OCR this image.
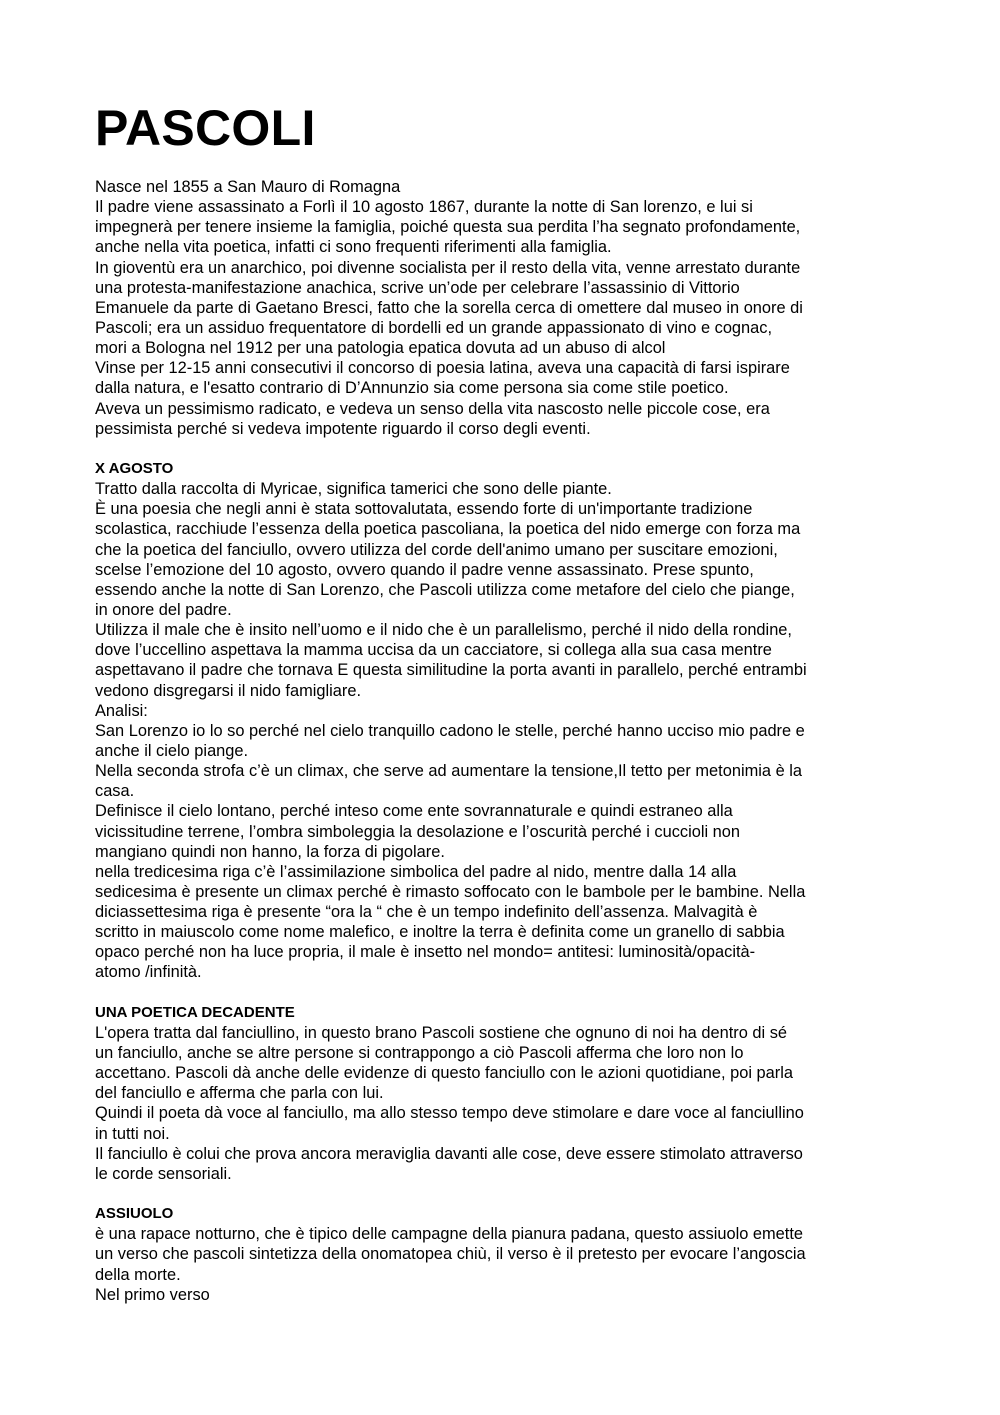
PASCOLI
Nasce nel 1855 a San Mauro di Romagna
Il padre viene assassinato a Forlì il 10 agosto 1867, durante la notte di San lorenzo, e lui si
impegnerà per tenere insieme la famiglia, poiché questa sua perdita l’ha segnato profondamente,
anche nella vita poetica, infatti ci sono frequenti riferimenti alla famiglia.
In gioventù era un anarchico, poi divenne socialista per il resto della vita, venne arrestato durante
una protesta-manifestazione anachica, scrive un’ode per celebrare l’assassinio di Vittorio
Emanuele da parte di Gaetano Bresci, fatto che la sorella cerca di omettere dal museo in onore di
Pascoli; era un assiduo frequentatore di bordelli ed un grande appassionato di vino e cognac,
mori a Bologna nel 1912 per una patologia epatica dovuta ad un abuso di alcol
Vinse per 12-15 anni consecutivi il concorso di poesia latina, aveva una capacità di farsi ispirare
dalla natura, e l'esatto contrario di D’Annunzio sia come persona sia come stile poetico.
Aveva un pessimismo radicato, e vedeva un senso della vita nascosto nelle piccole cose, era
pessimista perché si vedeva impotente riguardo il corso degli eventi.
X AGOSTO
Tratto dalla raccolta di Myricae, significa tamerici che sono delle piante.
È una poesia che negli anni è stata sottovalutata, essendo forte di un'importante tradizione
scolastica, racchiude l’essenza della poetica pascoliana, la poetica del nido emerge con forza ma
che la poetica del fanciullo, ovvero utilizza del corde dell'animo umano per suscitare emozioni,
scelse l’emozione del 10 agosto, ovvero quando il padre venne assassinato. Prese spunto,
essendo anche la notte di San Lorenzo, che Pascoli utilizza come metafore del cielo che piange,
in onore del padre.
Utilizza il male che è insito nell’uomo e il nido che è un parallelismo, perché il nido della rondine,
dove l’uccellino aspettava la mamma uccisa da un cacciatore, si collega alla sua casa mentre
aspettavano il padre che tornava E questa similitudine la porta avanti in parallelo, perché entrambi
vedono disgregarsi il nido famigliare.
Analisi:
San Lorenzo io lo so perché nel cielo tranquillo cadono le stelle, perché hanno ucciso mio padre e
anche il cielo piange.
Nella seconda strofa c’è un climax, che serve ad aumentare la tensione,Il tetto per metonimia è la
casa.
Definisce il cielo lontano, perché inteso come ente sovrannaturale e quindi estraneo alla
vicissitudine terrene, l’ombra simboleggia la desolazione e l’oscurità perché i cuccioli non
mangiano quindi non hanno, la forza di pigolare.
nella tredicesima riga c’è l’assimilazione simbolica del padre al nido, mentre dalla 14 alla
sedicesima è presente un climax perché è rimasto soffocato con le bambole per le bambine. Nella
diciassettesima riga è presente “ora la “ che è un tempo indefinito dell’assenza. Malvagità è
scritto in maiuscolo come nome malefico, e inoltre la terra è definita come un granello di sabbia
opaco perché non ha luce propria, il male è insetto nel mondo= antitesi: luminosità/opacità-
atomo /infinità.
UNA POETICA DECADENTE
L'opera tratta dal fanciullino, in questo brano Pascoli sostiene che ognuno di noi ha dentro di sé
un fanciullo, anche se altre persone si contrappongo a ciò Pascoli afferma che loro non lo
accettano. Pascoli dà anche delle evidenze di questo fanciullo con le azioni quotidiane, poi parla
del fanciullo e afferma che parla con lui.
Quindi il poeta dà voce al fanciullo, ma allo stesso tempo deve stimolare e dare voce al fanciullino
in tutti noi.
Il fanciullo è colui che prova ancora meraviglia davanti alle cose, deve essere stimolato attraverso
le corde sensoriali.
ASSIUOLO
è una rapace notturno, che è tipico delle campagne della pianura padana, questo assiuolo emette
un verso che pascoli sintetizza della onomatopea chiù, il verso è il pretesto per evocare l’angoscia
della morte.
Nel primo verso
